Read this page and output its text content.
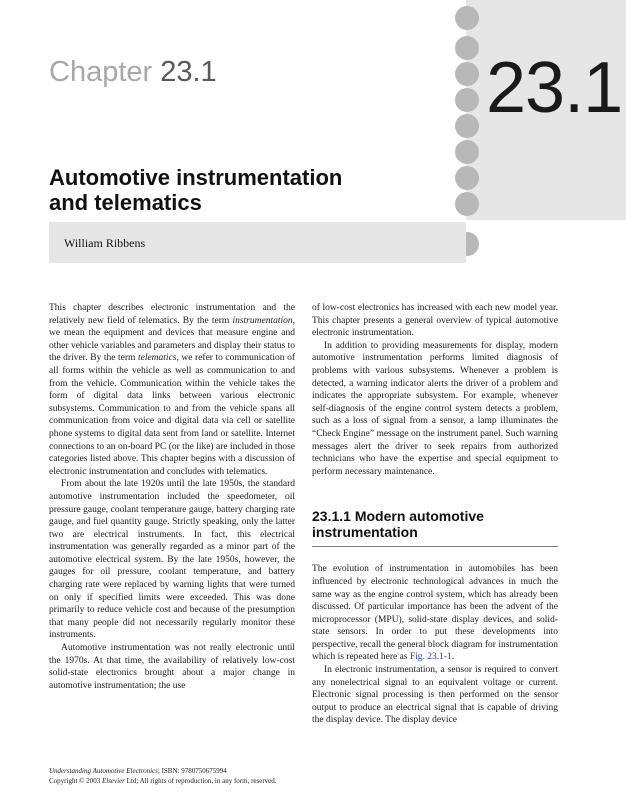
23.1
Chapter 23.1
Automotive instrumentation
and telematics
William Ribbens

This chapter describes electronic instrumentation and the relatively new field of telematics. By the term instrumentation, we mean the equipment and devices that measure engine and other vehicle variables and parameters and display their status to the driver. By the term telematics, we refer to communication of all forms within the vehicle as well as communication to and from the vehicle. Communication within the vehicle takes the form of digital data links between various electronic subsystems. Communication to and from the vehicle spans all communication from voice and digital data via cell or satellite phone systems to digital data sent from land or satellite. Internet connections to an on-board PC (or the like) are included in those categories listed above. This chapter begins with a discussion of electronic instrumentation and concludes with telematics.

From about the late 1920s until the late 1950s, the standard automotive instrumentation included the speedometer, oil pressure gauge, coolant temperature gauge, battery charging rate gauge, and fuel quantity gauge. Strictly speaking, only the latter two are electrical instruments. In fact, this electrical instrumentation was generally regarded as a minor part of the automotive electrical system. By the late 1950s, however, the gauges for oil pressure, coolant temperature, and battery charging rate were replaced by warning lights that were turned on only if specified limits were exceeded. This was done primarily to reduce vehicle cost and because of the presumption that many people did not necessarily regularly monitor these instruments.

Automotive instrumentation was not really electronic until the 1970s. At that time, the availability of relatively low-cost solid-state electronics brought about a major change in automotive instrumentation; the use

of low-cost electronics has increased with each new model year. This chapter presents a general overview of typical automotive electronic instrumentation.

In addition to providing measurements for display, modern automotive instrumentation performs limited diagnosis of problems with various subsystems. Whenever a problem is detected, a warning indicator alerts the driver of a problem and indicates the appropriate subsystem. For example, whenever self-diagnosis of the engine control system detects a problem, such as a loss of signal from a sensor, a lamp illuminates the “Check Engine” message on the instrument panel. Such warning messages alert the driver to seek repairs from authorized technicians who have the expertise and special equipment to perform necessary maintenance.

23.1.1 Modern automotive
instrumentation

The evolution of instrumentation in automobiles has been influenced by electronic technological advances in much the same way as the engine control system, which has already been discussed. Of particular importance has been the advent of the microprocessor (MPU), solid-state display devices, and solid-state sensors. In order to put these developments into perspective, recall the general block diagram for instrumentation which is repeated here as Fig. 23.1-1.

In electronic instrumentation, a sensor is required to convert any nonelectrical signal to an equivalent voltage or current. Electronic signal processing is then performed on the sensor output to produce an electrical signal that is capable of driving the display device. The display device

Understanding Automotive Electronics; ISBN: 9780750675994
Copyright © 2003 Elsevier Ltd; All rights of reproduction, in any form, reserved.
